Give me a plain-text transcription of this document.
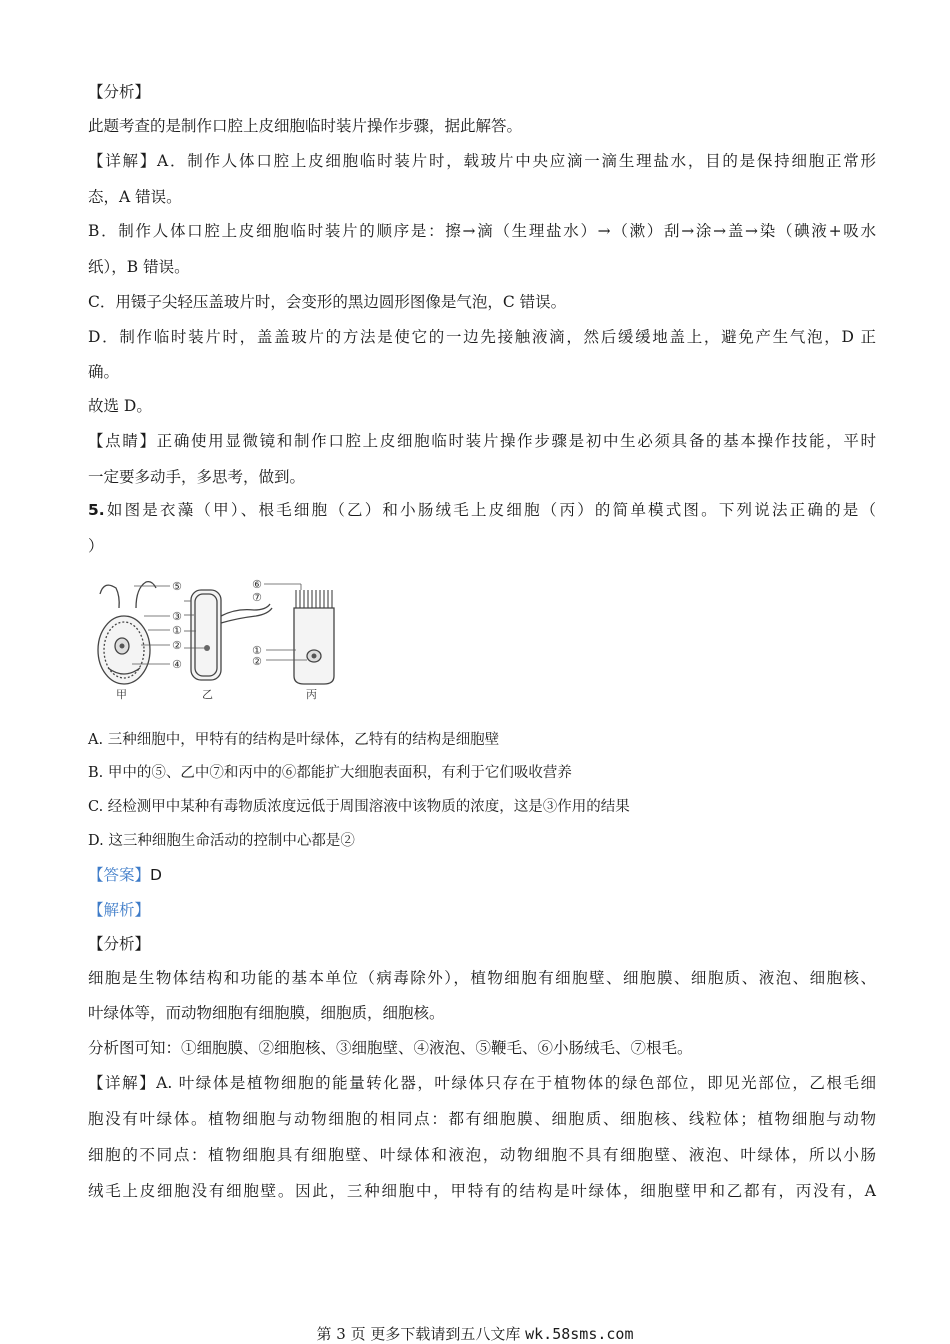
【分析】
此题考查的是制作口腔上皮细胞临时装片操作步骤，据此解答。
【详解】A．制作人体口腔上皮细胞临时装片时，载玻片中央应滴一滴生理盐水，目的是保持细胞正常形
态，A 错误。
B．制作人体口腔上皮细胞临时装片的顺序是：擦→滴（生理盐水）→（漱）刮→涂→盖→染（碘液+吸水
纸），B 错误。
C．用镊子尖轻压盖玻片时，会变形的黑边圆形图像是气泡，C 错误。
D．制作临时装片时，盖盖玻片的方法是使它的一边先接触液滴，然后缓缓地盖上，避免产生气泡，D 正
确。
故选 D。
【点睛】正确使用显微镜和制作口腔上皮细胞临时装片操作步骤是初中生必须具备的基本操作技能，平时
一定要多动手，多思考，做到。
5.如图是衣藻（甲）、根毛细胞（乙）和小肠绒毛上皮细胞（丙）的简单模式图。下列说法正确的是（
）
⑤
③
①
②
④
⑥
⑦
①
②
甲	乙	丙
A. 三种细胞中，甲特有的结构是叶绿体，乙特有的结构是细胞壁
B. 甲中的⑤、乙中⑦和丙中的⑥都能扩大细胞表面积，有利于它们吸收营养
C. 经检测甲中某种有毒物质浓度远低于周围溶液中该物质的浓度，这是③作用的结果
D. 这三种细胞生命活动的控制中心都是②
【答案】D
【解析】
【分析】
细胞是生物体结构和功能的基本单位（病毒除外），植物细胞有细胞壁、细胞膜、细胞质、液泡、细胞核、
叶绿体等，而动物细胞有细胞膜，细胞质，细胞核。
分析图可知：①细胞膜、②细胞核、③细胞壁、④液泡、⑤鞭毛、⑥小肠绒毛、⑦根毛。
【详解】A. 叶绿体是植物细胞的能量转化器，叶绿体只存在于植物体的绿色部位，即见光部位，乙根毛细
胞没有叶绿体。植物细胞与动物细胞的相同点：都有细胞膜、细胞质、细胞核、线粒体；植物细胞与动物
细胞的不同点：植物细胞具有细胞壁、叶绿体和液泡，动物细胞不具有细胞壁、液泡、叶绿体，所以小肠
绒毛上皮细胞没有细胞壁。因此，三种细胞中，甲特有的结构是叶绿体，细胞壁甲和乙都有，丙没有，A
第 3 页 更多下载请到五八文库 wk.58sms.com
